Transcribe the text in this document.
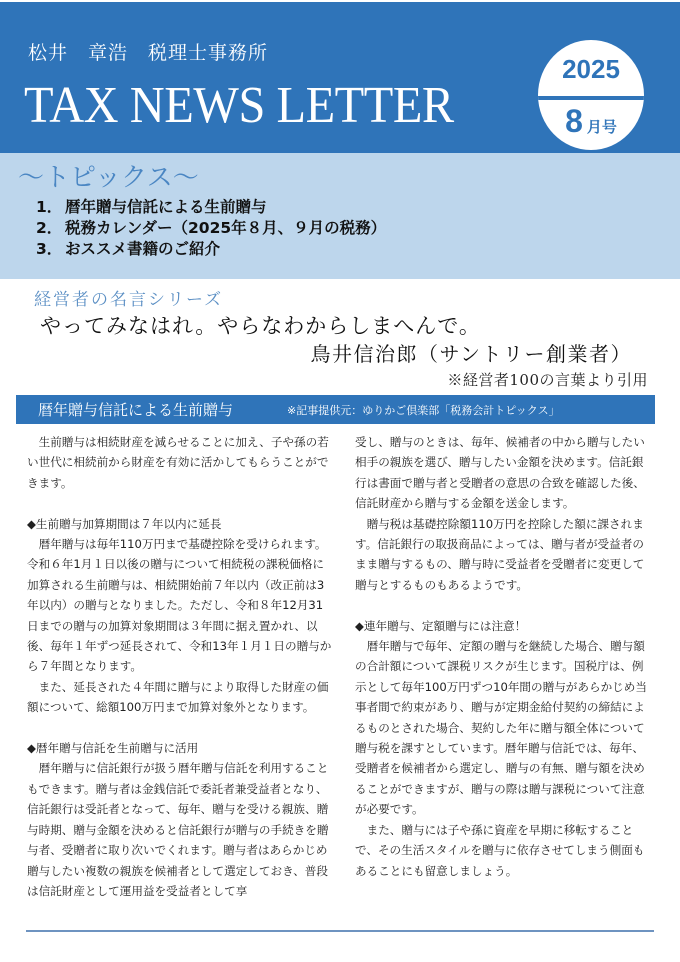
松井　章浩　税理士事務所
TAX NEWS LETTER
2025
8 月号
～トピックス～
1． 暦年贈与信託による生前贈与
2． 税務カレンダー（2025年８月、９月の税務）
3． おススメ書籍のご紹介
経営者の名言シリーズ
やってみなはれ。やらなわからしまへんで。
鳥井信治郎（サントリー創業者）
※経営者100の言葉より引用
暦年贈与信託による生前贈与	※記事提供元：ゆりかご倶楽部「税務会計トピックス」

生前贈与は相続財産を減らせることに加え、子や孫の若い世代に相続前から財産を有効に活かしてもらうことができます。

◆生前贈与加算期間は７年以内に延長

暦年贈与は毎年110万円まで基礎控除を受けられます。令和６年1月１日以後の贈与について相続税の課税価格に加算される生前贈与は、相続開始前７年以内（改正前は3年以内）の贈与となりました。ただし、令和８年12月31日までの贈与の加算対象期間は３年間に据え置かれ、以後、毎年１年ずつ延長されて、令和13年１月１日の贈与から７年間となります。

また、延長された４年間に贈与により取得した財産の価額について、総額100万円まで加算対象外となります。

◆暦年贈与信託を生前贈与に活用

暦年贈与に信託銀行が扱う暦年贈与信託を利用することもできます。贈与者は金銭信託で委託者兼受益者となり、信託銀行は受託者となって、毎年、贈与を受ける親族、贈与時期、贈与金額を決めると信託銀行が贈与の手続きを贈与者、受贈者に取り次いでくれます。贈与者はあらかじめ贈与したい複数の親族を候補者として選定しておき、普段は信託財産として運用益を受益者として享

受し、贈与のときは、毎年、候補者の中から贈与したい相手の親族を選び、贈与したい金額を決めます。信託銀行は書面で贈与者と受贈者の意思の合致を確認した後、信託財産から贈与する金額を送金します。

贈与税は基礎控除額110万円を控除した額に課されます。信託銀行の取扱商品によっては、贈与者が受益者のまま贈与するもの、贈与時に受益者を受贈者に変更して贈与とするものもあるようです。

◆連年贈与、定額贈与には注意！

暦年贈与で毎年、定額の贈与を継続した場合、贈与額の合計額について課税リスクが生じます。国税庁は、例示として毎年100万円ずつ10年間の贈与があらかじめ当事者間で約束があり、贈与が定期金給付契約の締結によるものとされた場合、契約した年に贈与額全体について贈与税を課すとしています。暦年贈与信託では、毎年、受贈者を候補者から選定し、贈与の有無、贈与額を決めることができますが、贈与の際は贈与課税について注意が必要です。

また、贈与には子や孫に資産を早期に移転することで、その生活スタイルを贈与に依存させてしまう側面もあることにも留意しましょう。
